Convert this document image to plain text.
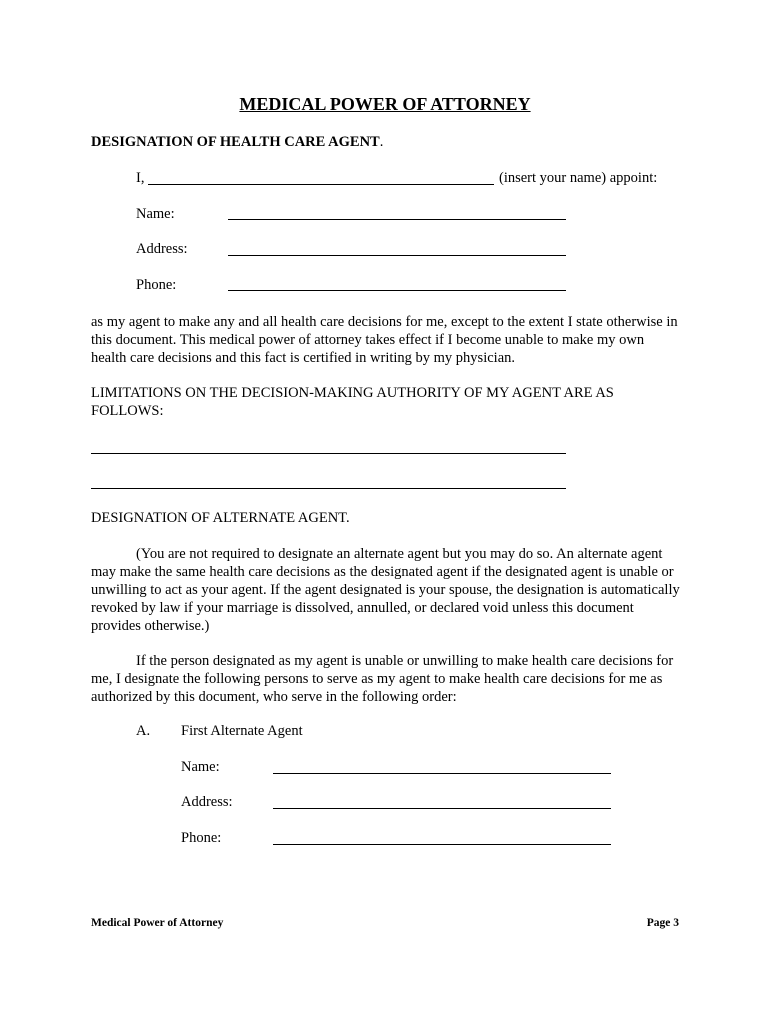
MEDICAL POWER OF ATTORNEY
DESIGNATION OF HEALTH CARE AGENT.
I,	(insert your name) appoint:
Name:
Address:
Phone:
as my agent to make any and all health care decisions for me, except to the extent I state otherwise in this document. This medical power of attorney takes effect if I become unable to make my own health care decisions and this fact is certified in writing by my physician.
LIMITATIONS ON THE DECISION-MAKING AUTHORITY OF MY AGENT ARE AS FOLLOWS:
DESIGNATION OF ALTERNATE AGENT.
(You are not required to designate an alternate agent but you may do so. An alternate agent may make the same health care decisions as the designated agent if the designated agent is unable or unwilling to act as your agent. If the agent designated is your spouse, the designation is automatically revoked by law if your marriage is dissolved, annulled, or declared void unless this document provides otherwise.)
If the person designated as my agent is unable or unwilling to make health care decisions for me, I designate the following persons to serve as my agent to make health care decisions for me as authorized by this document, who serve in the following order:
A. First Alternate Agent
Name:
Address:
Phone:
Medical Power of Attorney	Page 3
